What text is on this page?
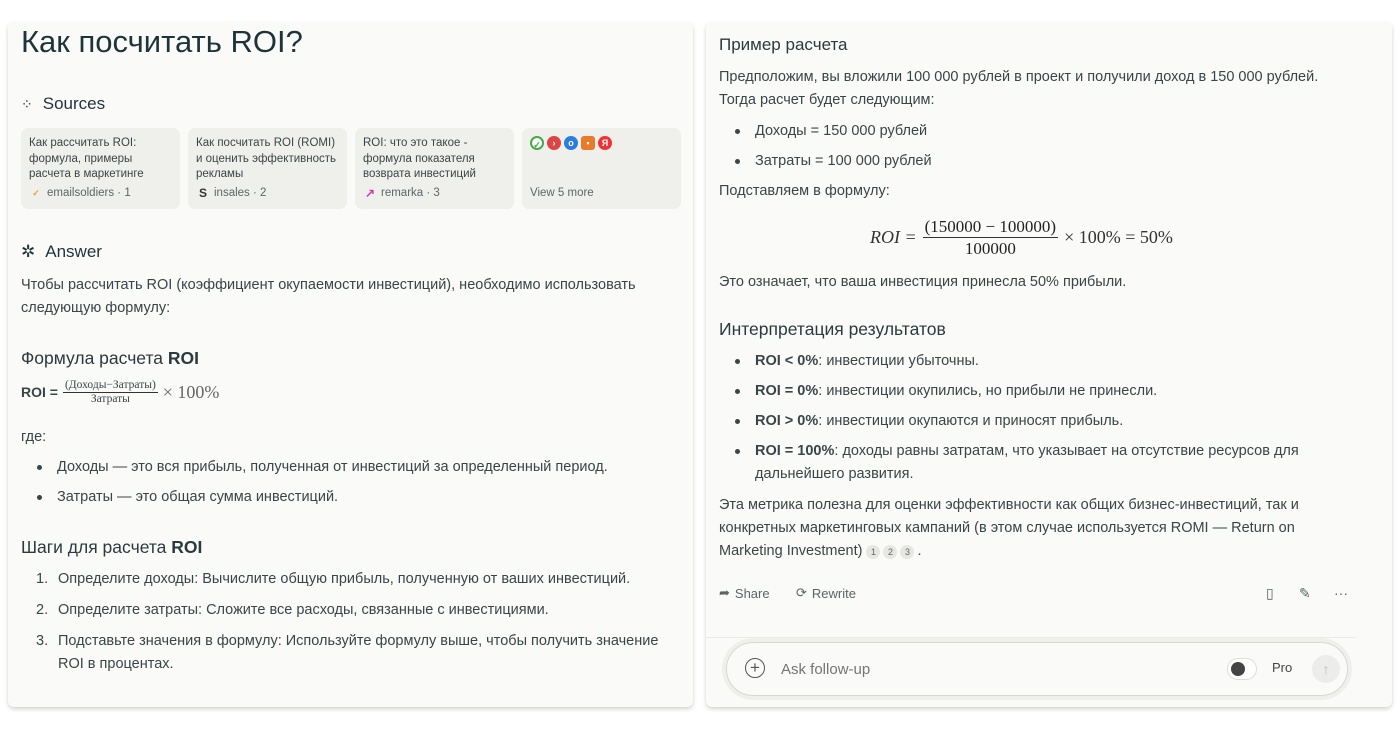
Как посчитать ROI?
⁘ Sources
Как рассчитать ROI: формула, примеры расчета в маркетинге
✓ emailsoldiers · 1
Как посчитать ROI (ROMI) и оценить эффективность рекламы
S insales · 2
ROI: что это такое - формула показателя возврата инвестиций
↗ remarka · 3
✓	›	o	▪	Я
View 5 more
✲ Answer
Чтобы рассчитать ROI (коэффициент окупаемости инвестиций), необходимо использовать следующую формулу:
Формула расчета ROI
ROI = $\frac{\text{(Доходы−Затраты)}}{\text{Затраты}} \times 100\%$
где:
Доходы — это вся прибыль, полученная от инвестиций за определенный период.
Затраты — это общая сумма инвестиций.
Шаги для расчета ROI
1. Определите доходы: Вычислите общую прибыль, полученную от ваших инвестиций.
2. Определите затраты: Сложите все расходы, связанные с инвестициями.
3. Подставьте значения в формулу: Используйте формулу выше, чтобы получить значение ROI в процентах.
Пример расчета
Предположим, вы вложили 100 000 рублей в проект и получили доход в 150 000 рублей. Тогда расчет будет следующим:
Доходы = 150 000 рублей
Затраты = 100 000 рублей
Подставляем в формулу:
ROI = $\frac{(150000 - 100000)}{100000} \times 100\% = 50\%$
Это означает, что ваша инвестиция принесла 50% прибыли.
Интерпретация результатов
ROI < 0%: инвестиции убыточны.
ROI = 0%: инвестиции окупились, но прибыли не принесли.
ROI > 0%: инвестиции окупаются и приносят прибыль.
ROI = 100%: доходы равны затратам, что указывает на отсутствие ресурсов для дальнейшего развития.
Эта метрика полезна для оценки эффективности как общих бизнес-инвестиций, так и конкретных маркетинговых кампаний (в этом случае используется ROMI — Return on Marketing Investment) 1 2 3 .
➦ Share ⟳ Rewrite	▯ ✎ ···
+
Ask follow-up	Pro	↑
